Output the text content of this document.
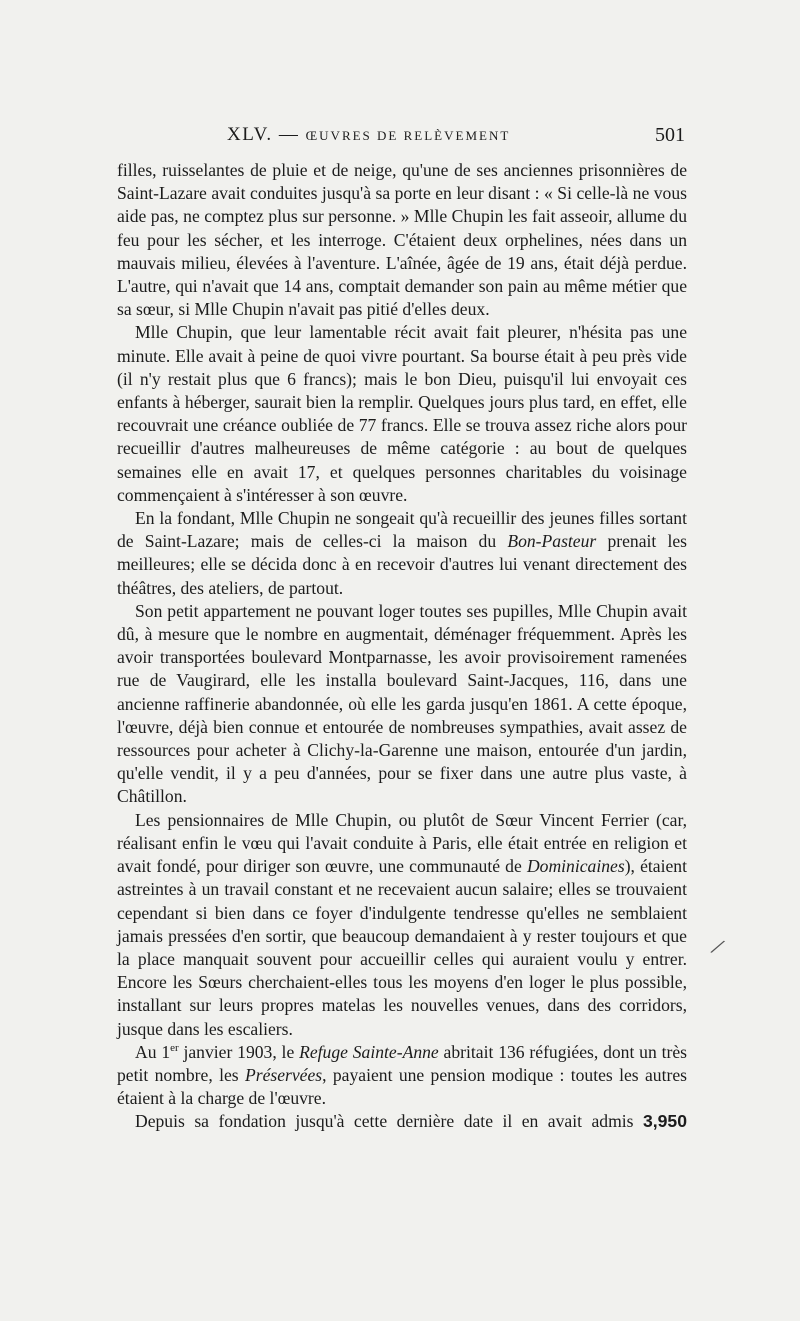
XLV. — ŒUVRES DE RELÈVEMENT	501

filles, ruisselantes de pluie et de neige, qu'une de ses anciennes prisonnières de Saint-Lazare avait conduites jusqu'à sa porte en leur disant : « Si celle-là ne vous aide pas, ne comptez plus sur personne. » Mlle Chupin les fait asseoir, allume du feu pour les sécher, et les interroge. C'étaient deux orphelines, nées dans un mauvais milieu, élevées à l'aventure. L'aînée, âgée de 19 ans, était déjà perdue. L'autre, qui n'avait que 14 ans, comptait demander son pain au même métier que sa sœur, si Mlle Chupin n'avait pas pitié d'elles deux.

Mlle Chupin, que leur lamentable récit avait fait pleurer, n'hésita pas une minute. Elle avait à peine de quoi vivre pourtant. Sa bourse était à peu près vide (il n'y restait plus que 6 francs); mais le bon Dieu, puisqu'il lui envoyait ces enfants à héberger, saurait bien la remplir. Quelques jours plus tard, en effet, elle recouvrait une créance oubliée de 77 francs. Elle se trouva assez riche alors pour recueillir d'autres malheureuses de même catégorie : au bout de quelques semaines elle en avait 17, et quelques personnes charitables du voisinage commençaient à s'intéresser à son œuvre.

En la fondant, Mlle Chupin ne songeait qu'à recueillir des jeunes filles sortant de Saint-Lazare; mais de celles-ci la maison du Bon-Pasteur prenait les meilleures; elle se décida donc à en recevoir d'autres lui venant directement des théâtres, des ateliers, de partout.

Son petit appartement ne pouvant loger toutes ses pupilles, Mlle Chupin avait dû, à mesure que le nombre en augmentait, déménager fréquemment. Après les avoir transportées boulevard Montparnasse, les avoir provisoirement ramenées rue de Vaugirard, elle les installa boulevard Saint-Jacques, 116, dans une ancienne raffinerie abandonnée, où elle les garda jusqu'en 1861. A cette époque, l'œuvre, déjà bien connue et entourée de nombreuses sympathies, avait assez de ressources pour acheter à Clichy-la-Garenne une maison, entourée d'un jardin, qu'elle vendit, il y a peu d'années, pour se fixer dans une autre plus vaste, à Châtillon.

Les pensionnaires de Mlle Chupin, ou plutôt de Sœur Vincent Ferrier (car, réalisant enfin le vœu qui l'avait conduite à Paris, elle était entrée en religion et avait fondé, pour diriger son œuvre, une communauté de Dominicaines), étaient astreintes à un travail constant et ne recevaient aucun salaire; elles se trouvaient cependant si bien dans ce foyer d'indulgente tendresse qu'elles ne semblaient jamais pressées d'en sortir, que beaucoup demandaient à y rester toujours et que la place manquait souvent pour accueillir celles qui auraient voulu y entrer. Encore les Sœurs cherchaient-elles tous les moyens d'en loger le plus possible, installant sur leurs propres matelas les nouvelles venues, dans des corridors, jusque dans les escaliers.

Au 1er janvier 1903, le Refuge Sainte-Anne abritait 136 réfugiées, dont un très petit nombre, les Préservées, payaient une pension modique : toutes les autres étaient à la charge de l'œuvre.

Depuis sa fondation jusqu'à cette dernière date il en avait admis 3,950

⁄
